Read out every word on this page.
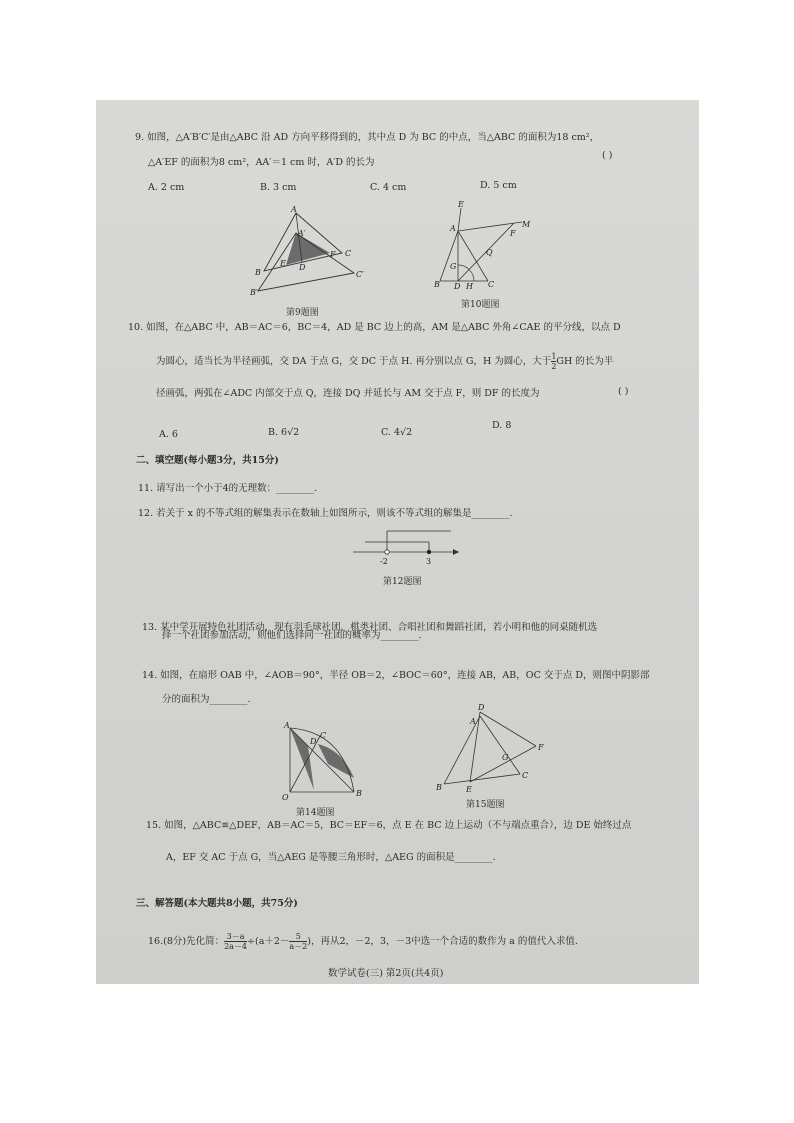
9. 如图，△A′B′C′是由△ABC 沿 AD 方向平移得到的，其中点 D 为 BC 的中点，当△ABC 的面积为18 cm²，
△A′EF 的面积为8 cm²，AA′＝1 cm 时，A′D 的长为
( )
A. 2 cm	B. 3 cm	C. 4 cm	D. 5 cm
A
A′
E
F
B
D
C
C′
B′
第9题图
E
A
F
M
G
Q
B D H C
第10题图
10. 如图，在△ABC 中，AB＝AC＝6，BC＝4，AD 是 BC 边上的高，AM 是△ABC 外角∠CAE 的平分线，以点 D
为圆心，适当长为半径画弧，交 DA 于点 G，交 DC 于点 H. 再分别以点 G，H 为圆心，大于 $\frac{1}{2}$ GH 的长为半
径画弧，两弧在∠ADC 内部交于点 Q，连接 DQ 并延长与 AM 交于点 F，则 DF 的长度为	( )
A. 6	B. 6√2	C. 4√2
D. 8
二、填空题(每小题3分，共15分)
11. 请写出一个小于4的无理数：________.
12. 若关于 x 的不等式组的解集表示在数轴上如图所示，则该不等式组的解集是________.
-2	3
第12题图
13. 某中学开展特色社团活动，现有羽毛球社团、棋类社团、合唱社团和舞蹈社团，若小明和他的同桌随机选
择一个社团参加活动，则他们选择同一社团的概率为________.
14. 如图，在扇形 OAB 中，∠AOB＝90°，半径 OB＝2，∠BOC＝60°，连接 AB，AB，OC 交于点 D，则图中阴影部
分的面积为________.
A
D
C
O	B
第14题图
D
A
F
G
B	E
C
第15题图
15. 如图，△ABC≌△DEF，AB＝AC＝5，BC＝EF＝6，点 E 在 BC 边上运动（不与端点重合），边 DE 始终过点
A，EF 交 AC 于点 G，当△AEG 是等腰三角形时，△AEG 的面积是________.
三、解答题(本大题共8小题，共75分)
16.(8分)先化简： $\frac{3-a}{2a-4} \div(a+2- \frac{5}{a-2}$ )，再从2，－2，3，－3中选一个合适的数作为 a 的值代入求值.
数学试卷(三) 第2页(共4页)
